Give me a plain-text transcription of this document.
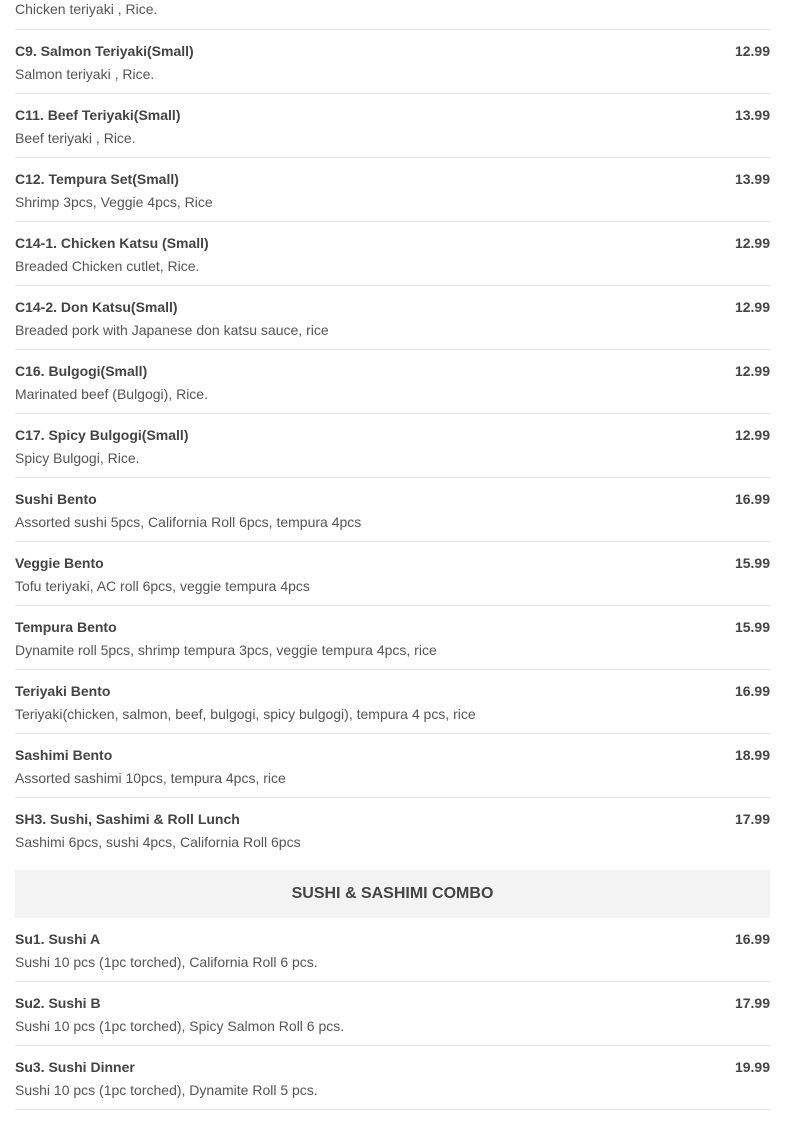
Chicken teriyaki , Rice.
C9. Salmon Teriyaki(Small)	12.99
Salmon teriyaki , Rice.
C11. Beef Teriyaki(Small)	13.99
Beef teriyaki , Rice.
C12. Tempura Set(Small)	13.99
Shrimp 3pcs, Veggie 4pcs, Rice
C14-1. Chicken Katsu (Small)	12.99
Breaded Chicken cutlet, Rice.
C14-2. Don Katsu(Small)	12.99
Breaded pork with Japanese don katsu sauce, rice
C16. Bulgogi(Small)	12.99
Marinated beef (Bulgogi), Rice.
C17. Spicy Bulgogi(Small)	12.99
Spicy Bulgogi, Rice.
Sushi Bento	16.99
Assorted sushi 5pcs, California Roll 6pcs, tempura 4pcs
Veggie Bento	15.99
Tofu teriyaki, AC roll 6pcs, veggie tempura 4pcs
Tempura Bento	15.99
Dynamite roll 5pcs, shrimp tempura 3pcs, veggie tempura 4pcs, rice
Teriyaki Bento	16.99
Teriyaki(chicken, salmon, beef, bulgogi, spicy bulgogi), tempura 4 pcs, rice
Sashimi Bento	18.99
Assorted sashimi 10pcs, tempura 4pcs, rice
SH3. Sushi, Sashimi & Roll Lunch	17.99
Sashimi 6pcs, sushi 4pcs, California Roll 6pcs
SUSHI & SASHIMI COMBO
Su1. Sushi A	16.99
Sushi 10 pcs (1pc torched), California Roll 6 pcs.
Su2. Sushi B	17.99
Sushi 10 pcs (1pc torched), Spicy Salmon Roll 6 pcs.
Su3. Sushi Dinner	19.99
Sushi 10 pcs (1pc torched), Dynamite Roll 5 pcs.
